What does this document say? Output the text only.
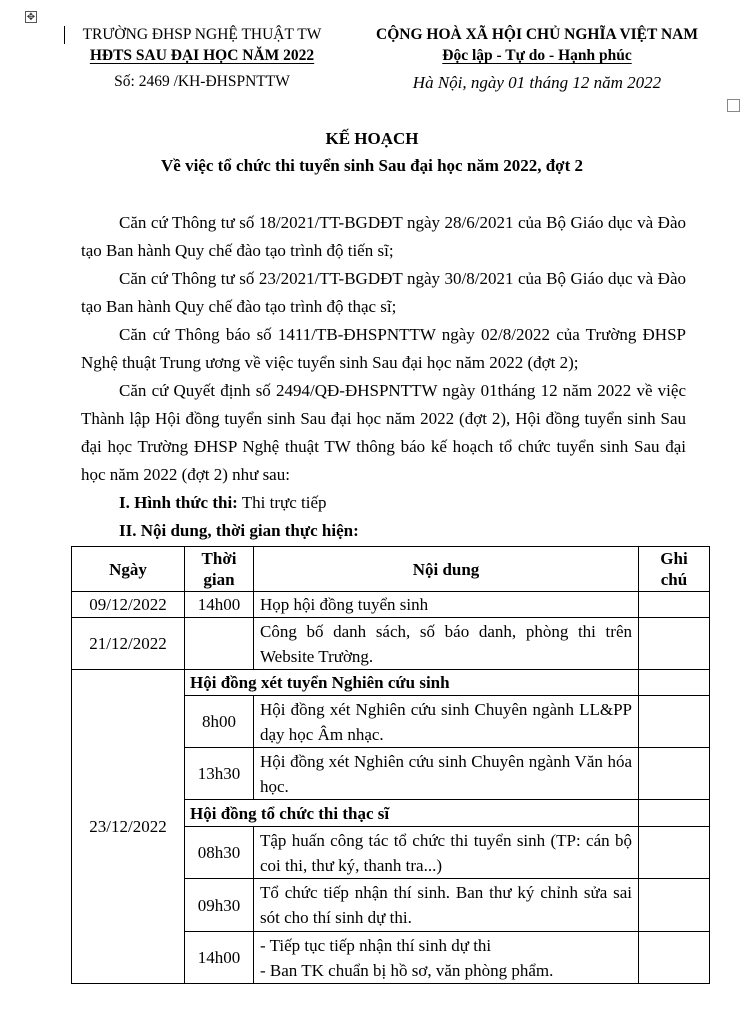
✥
TRƯỜNG ĐHSP NGHỆ THUẬT TW
HĐTS SAU ĐẠI HỌC NĂM 2022
Số: 2469 /KH-ĐHSPNTTW
CỘNG HOÀ XÃ HỘI CHỦ NGHĨA VIỆT NAM
Độc lập - Tự do - Hạnh phúc
Hà Nội, ngày 01 tháng 12 năm 2022
KẾ HOẠCH
Về việc tổ chức thi tuyển sinh Sau đại học năm 2022, đợt 2

Căn cứ Thông tư số 18/2021/TT-BGDĐT ngày 28/6/2021 của Bộ Giáo dục và Đào tạo Ban hành Quy chế đào tạo trình độ tiến sĩ;

Căn cứ Thông tư số 23/2021/TT-BGDĐT ngày 30/8/2021 của Bộ Giáo dục và Đào tạo Ban hành Quy chế đào tạo trình độ thạc sĩ;

Căn cứ Thông báo số 1411/TB-ĐHSPNTTW ngày 02/8/2022 của Trường ĐHSP Nghệ thuật Trung ương về việc tuyển sinh Sau đại học năm 2022 (đợt 2);

Căn cứ Quyết định số 2494/QĐ-ĐHSPNTTW ngày 01tháng 12 năm 2022 về việc Thành lập Hội đồng tuyển sinh Sau đại học năm 2022 (đợt 2), Hội đồng tuyển sinh Sau đại học Trường ĐHSP Nghệ thuật TW thông báo kế hoạch tổ chức tuyển sinh Sau đại học năm 2022 (đợt 2) như sau:

I. Hình thức thi: Thi trực tiếp
II. Nội dung, thời gian thực hiện:
Ngày	Thời gian	Nội dung	Ghi chú
09/12/2022	14h00	Họp hội đồng tuyển sinh	
21/12/2022		Công bố danh sách, số báo danh, phòng thi trên Website Trường.	
23/12/2022	Hội đồng xét tuyển Nghiên cứu sinh		
	8h00	Hội đồng xét Nghiên cứu sinh Chuyên ngành LL&PP dạy học Âm nhạc.	
	13h30	Hội đồng xét Nghiên cứu sinh Chuyên ngành Văn hóa học.	
	Hội đồng tổ chức thi thạc sĩ		
	08h30	Tập huấn công tác tổ chức thi tuyển sinh (TP: cán bộ coi thi, thư ký, thanh tra...)	
	09h30	Tổ chức tiếp nhận thí sinh. Ban thư ký chỉnh sửa sai sót cho thí sinh dự thi.	
	14h00	- Tiếp tục tiếp nhận thí sinh dự thi
- Ban TK chuẩn bị hồ sơ, văn phòng phẩm.	
